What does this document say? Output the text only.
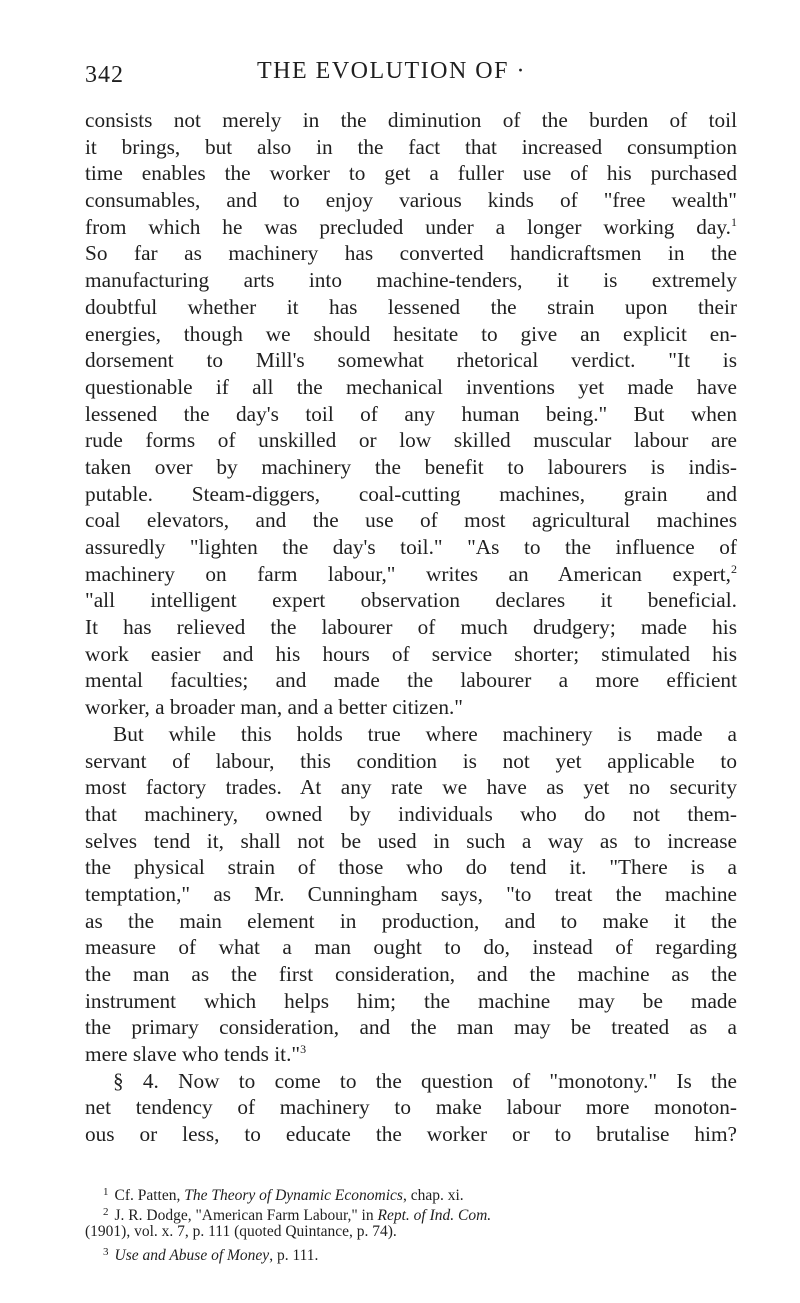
342	THE EVOLUTION OF ·
consists not merely in the diminution of the burden of toil
it brings, but also in the fact that increased consumption
time enables the worker to get a fuller use of his purchased
consumables, and to enjoy various kinds of "free wealth"
from which he was precluded under a longer working day.$^1$
So far as machinery has converted handicraftsmen in the
manufacturing arts into machine-tenders, it is extremely
doubtful whether it has lessened the strain upon their
energies, though we should hesitate to give an explicit en-
dorsement to Mill's somewhat rhetorical verdict. "It is
questionable if all the mechanical inventions yet made have
lessened the day's toil of any human being." But when
rude forms of unskilled or low skilled muscular labour are
taken over by machinery the benefit to labourers is indis-
putable. Steam-diggers, coal-cutting machines, grain and
coal elevators, and the use of most agricultural machines
assuredly "lighten the day's toil." "As to the influence of
machinery on farm labour," writes an American expert,$^2$
"all intelligent expert observation declares it beneficial.
It has relieved the labourer of much drudgery; made his
work easier and his hours of service shorter; stimulated his
mental faculties; and made the labourer a more efficient
worker, a broader man, and a better citizen."
But while this holds true where machinery is made a
servant of labour, this condition is not yet applicable to
most factory trades. At any rate we have as yet no security
that machinery, owned by individuals who do not them-
selves tend it, shall not be used in such a way as to increase
the physical strain of those who do tend it. "There is a
temptation," as Mr. Cunningham says, "to treat the machine
as the main element in production, and to make it the
measure of what a man ought to do, instead of regarding
the man as the first consideration, and the machine as the
instrument which helps him; the machine may be made
the primary consideration, and the man may be treated as a
mere slave who tends it."$^3$
§ 4. Now to come to the question of "monotony." Is the
net tendency of machinery to make labour more monoton-
ous or less, to educate the worker or to brutalise him?
$^1$ Cf. Patten, The Theory of Dynamic Economics, chap. xi.
$^2$ J. R. Dodge, "American Farm Labour," in Rept. of Ind. Com.
(1901), vol. x. 7, p. 111 (quoted Quintance, p. 74).
$^3$ Use and Abuse of Money, p. 111.
